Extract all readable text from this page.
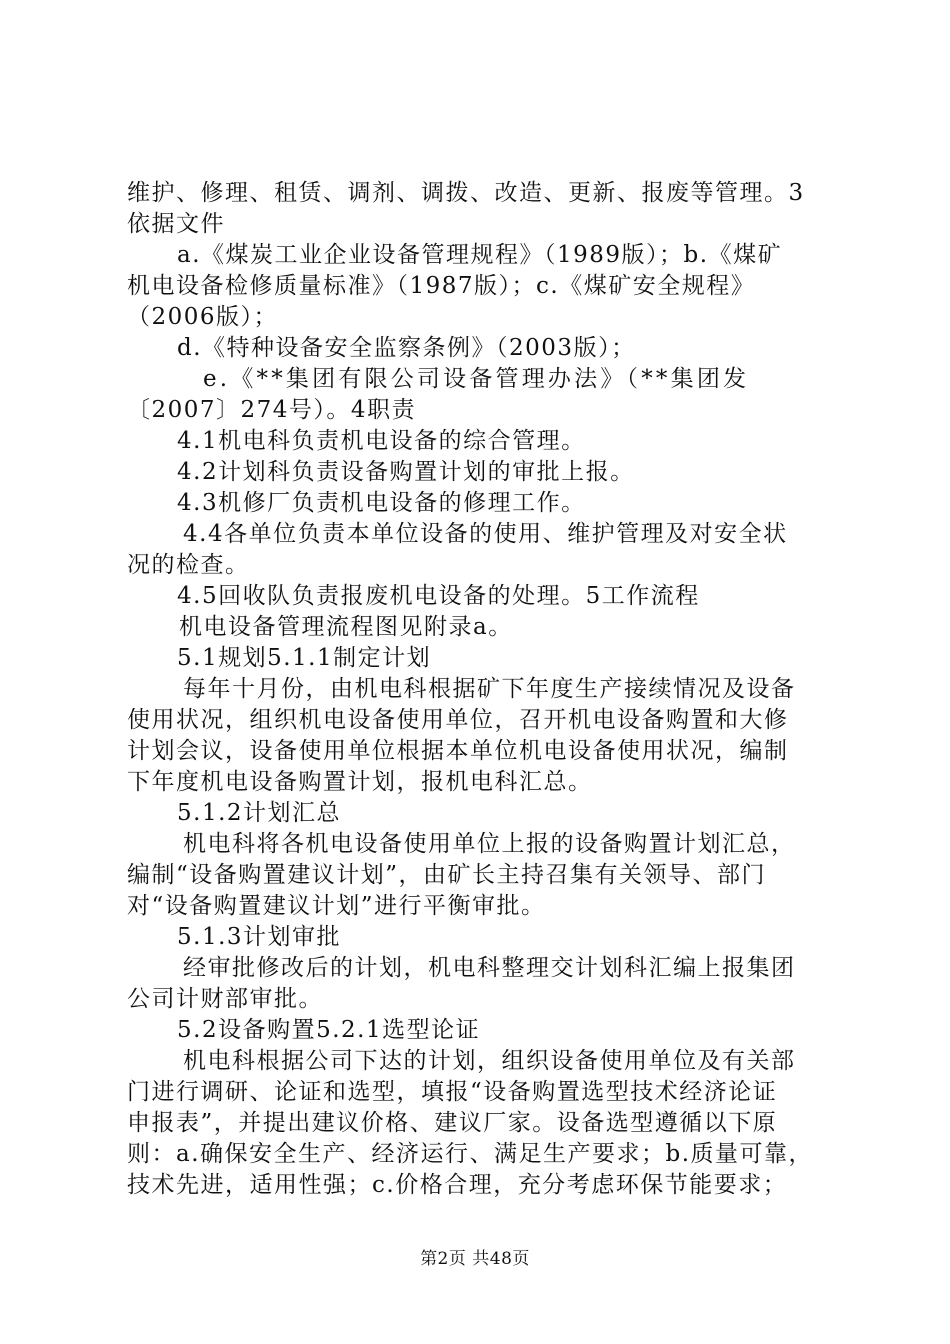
维护、修理、租赁、调剂、调拨、改造、更新、报废等管理。3
依据文件
a.《煤炭工业企业设备管理规程》（1989版）；b.《煤矿
机电设备检修质量标准》（1987版）；c.《煤矿安全规程》
（2006版）；
d.《特种设备安全监察条例》（2003版）；
e.《**集团有限公司设备管理办法》（**集团发
〔2007〕274号）。4职责
4.1机电科负责机电设备的综合管理。
4.2计划科负责设备购置计划的审批上报。
4.3机修厂负责机电设备的修理工作。
4.4各单位负责本单位设备的使用、维护管理及对安全状
况的检查。
4.5回收队负责报废机电设备的处理。5工作流程
机电设备管理流程图见附录a。
5.1规划5.1.1制定计划
每年十月份，由机电科根据矿下年度生产接续情况及设备
使用状况，组织机电设备使用单位，召开机电设备购置和大修
计划会议，设备使用单位根据本单位机电设备使用状况，编制
下年度机电设备购置计划，报机电科汇总。
5.1.2计划汇总
机电科将各机电设备使用单位上报的设备购置计划汇总，
编制“设备购置建议计划”，由矿长主持召集有关领导、部门
对“设备购置建议计划”进行平衡审批。
5.1.3计划审批
经审批修改后的计划，机电科整理交计划科汇编上报集团
公司计财部审批。
5.2设备购置5.2.1选型论证
机电科根据公司下达的计划，组织设备使用单位及有关部
门进行调研、论证和选型，填报“设备购置选型技术经济论证
申报表”，并提出建议价格、建议厂家。设备选型遵循以下原
则：a.确保安全生产、经济运行、满足生产要求；b.质量可靠，
技术先进，适用性强；c.价格合理，充分考虑环保节能要求；
第2页 共48页
